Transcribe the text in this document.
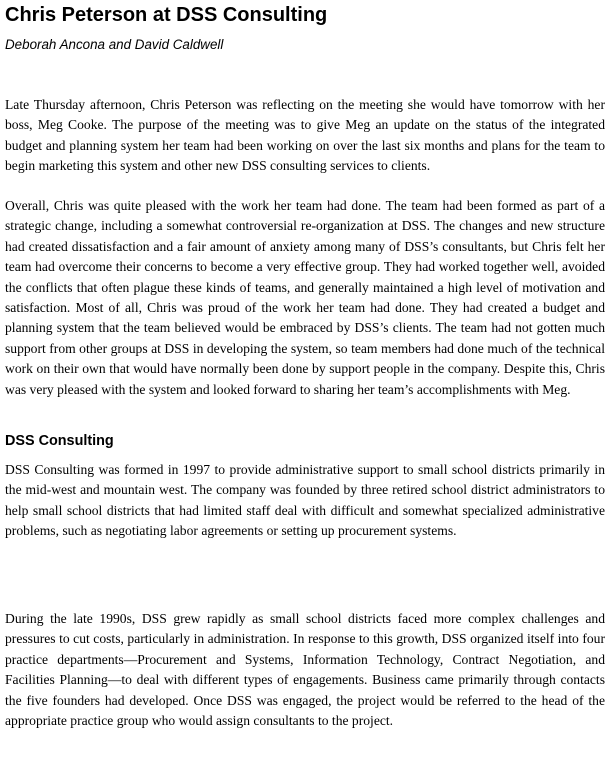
Chris Peterson at DSS Consulting

Deborah Ancona and David Caldwell

Late Thursday afternoon, Chris Peterson was reflecting on the meeting she would have tomorrow with her boss, Meg Cooke. The purpose of the meeting was to give Meg an update on the status of the integrated budget and planning system her team had been working on over the last six months and plans for the team to begin marketing this system and other new DSS consulting services to clients.

Overall, Chris was quite pleased with the work her team had done. The team had been formed as part of a strategic change, including a somewhat controversial re-organization at DSS. The changes and new structure had created dissatisfaction and a fair amount of anxiety among many of DSS’s consultants, but Chris felt her team had overcome their concerns to become a very effective group. They had worked together well, avoided the conflicts that often plague these kinds of teams, and generally maintained a high level of motivation and satisfaction. Most of all, Chris was proud of the work her team had done. They had created a budget and planning system that the team believed would be embraced by DSS’s clients. The team had not gotten much support from other groups at DSS in developing the system, so team members had done much of the technical work on their own that would have normally been done by support people in the company. Despite this, Chris was very pleased with the system and looked forward to sharing her team’s accomplishments with Meg.

DSS Consulting

DSS Consulting was formed in 1997 to provide administrative support to small school districts primarily in the mid-west and mountain west. The company was founded by three retired school district administrators to help small school districts that had limited staff deal with difficult and somewhat specialized administrative problems, such as negotiating labor agreements or setting up procurement systems.

During the late 1990s, DSS grew rapidly as small school districts faced more complex challenges and pressures to cut costs, particularly in administration. In response to this growth, DSS organized itself into four practice departments—Procurement and Systems, Information Technology, Contract Negotiation, and Facilities Planning—to deal with different types of engagements. Business came primarily through contacts the five founders had developed. Once DSS was engaged, the project would be referred to the head of the appropriate practice group who would assign consultants to the project.
